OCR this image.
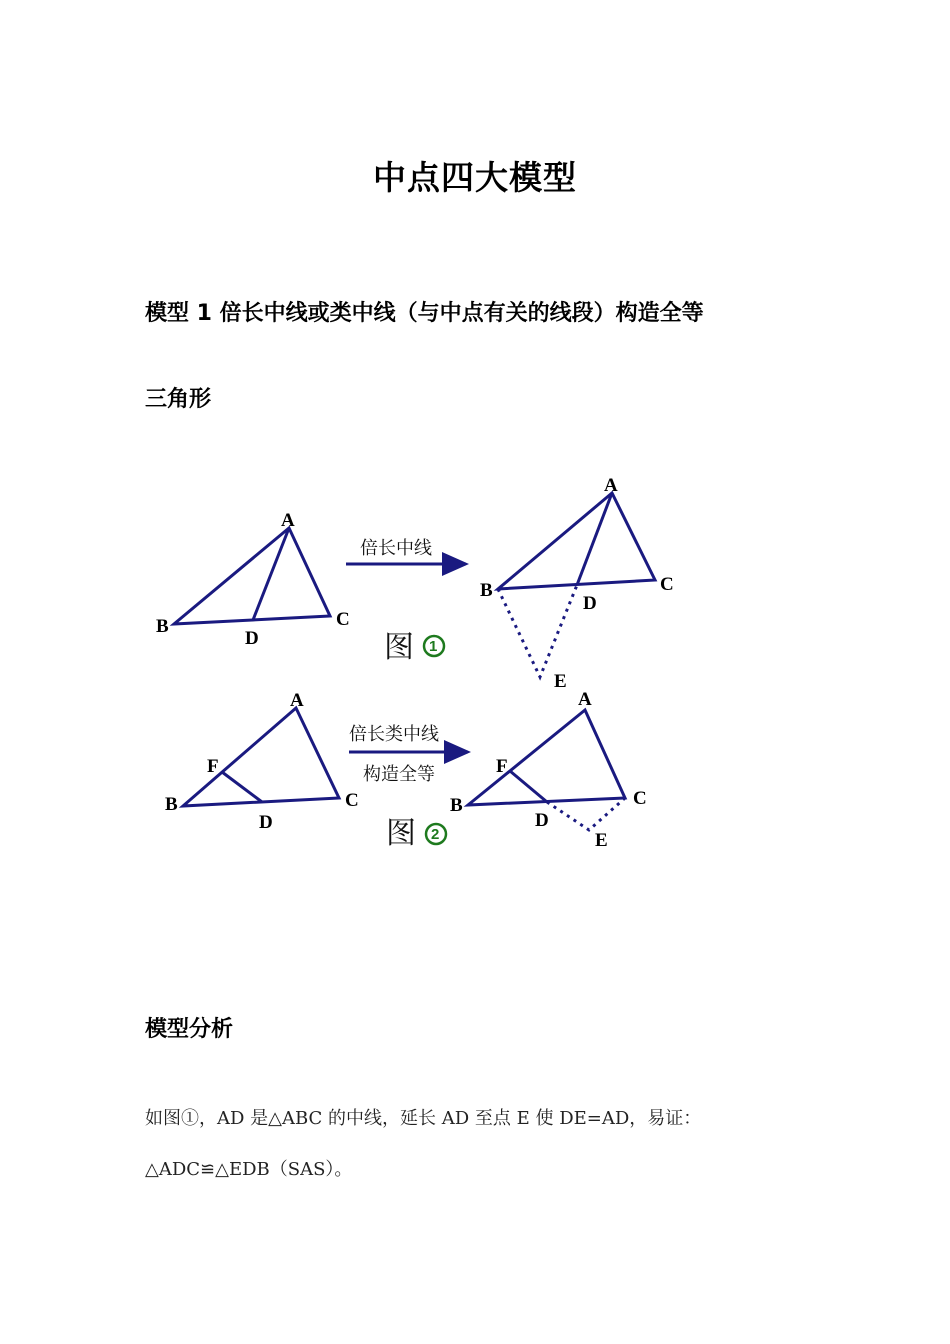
中点四大模型
模型 1 倍长中线或类中线（与中点有关的线段）构造全等
三角形
A
B	C
D
A
B	C
D
E
A
F
B	C
D
A
F
B	C
D
E
倍长中线
倍长类中线
构造全等
图 1
图 2
模型分析
如图①，AD 是△ABC 的中线，延长 AD 至点 E 使 DE=AD，易证：
△ADC≌△EDB（SAS）。
